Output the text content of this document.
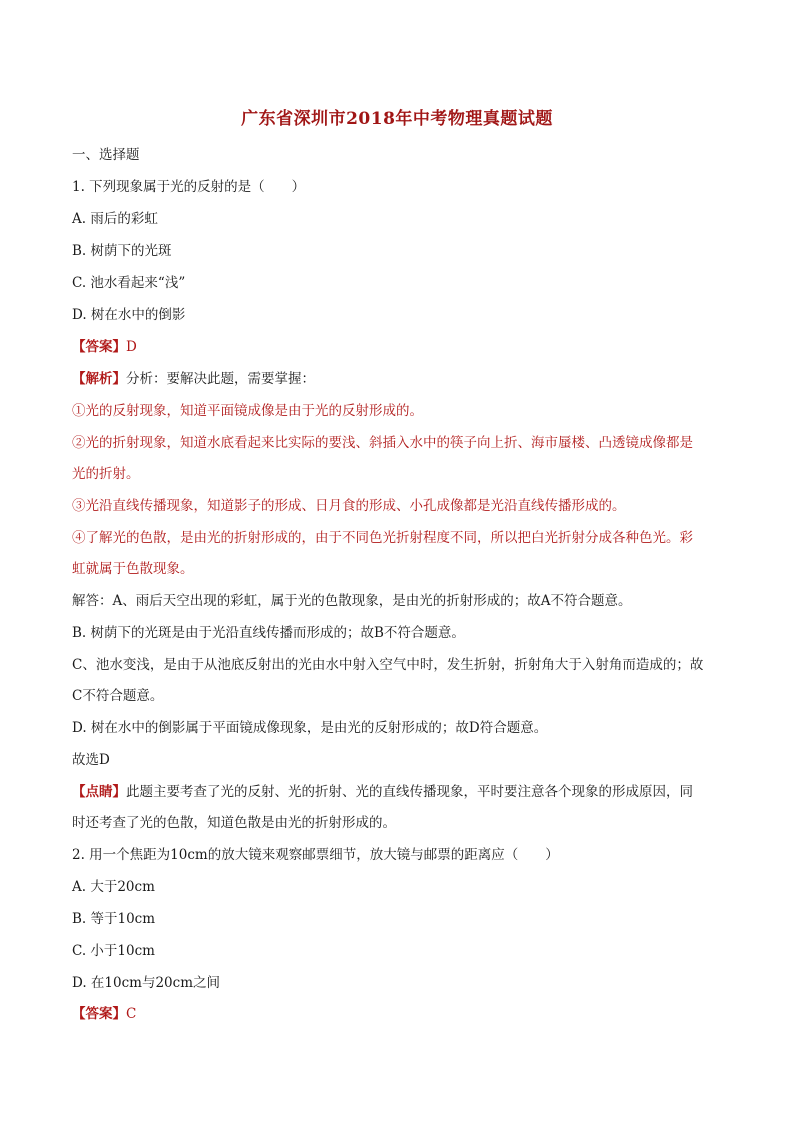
广东省深圳市2018年中考物理真题试题
一、选择题
1. 下列现象属于光的反射的是（　　）
A. 雨后的彩虹
B. 树荫下的光斑
C. 池水看起来“浅”
D. 树在水中的倒影
【答案】D
【解析】分析：要解决此题，需要掌握：
①光的反射现象，知道平面镜成像是由于光的反射形成的。
②光的折射现象，知道水底看起来比实际的要浅、斜插入水中的筷子向上折、海市蜃楼、凸透镜成像都是
光的折射。
③光沿直线传播现象，知道影子的形成、日月食的形成、小孔成像都是光沿直线传播形成的。
④了解光的色散，是由光的折射形成的，由于不同色光折射程度不同，所以把白光折射分成各种色光。彩
虹就属于色散现象。
解答：A、雨后天空出现的彩虹，属于光的色散现象，是由光的折射形成的；故A不符合题意。
B. 树荫下的光斑是由于光沿直线传播而形成的；故B不符合题意。
C、池水变浅，是由于从池底反射出的光由水中射入空气中时，发生折射，折射角大于入射角而造成的；故
C不符合题意。
D. 树在水中的倒影属于平面镜成像现象，是由光的反射形成的；故D符合题意。
故选D
【点睛】此题主要考查了光的反射、光的折射、光的直线传播现象，平时要注意各个现象的形成原因，同
时还考查了光的色散，知道色散是由光的折射形成的。
2. 用一个焦距为10cm的放大镜来观察邮票细节，放大镜与邮票的距离应（　　）
A. 大于20cm
B. 等于10cm
C. 小于10cm
D. 在10cm与20cm之间
【答案】C
